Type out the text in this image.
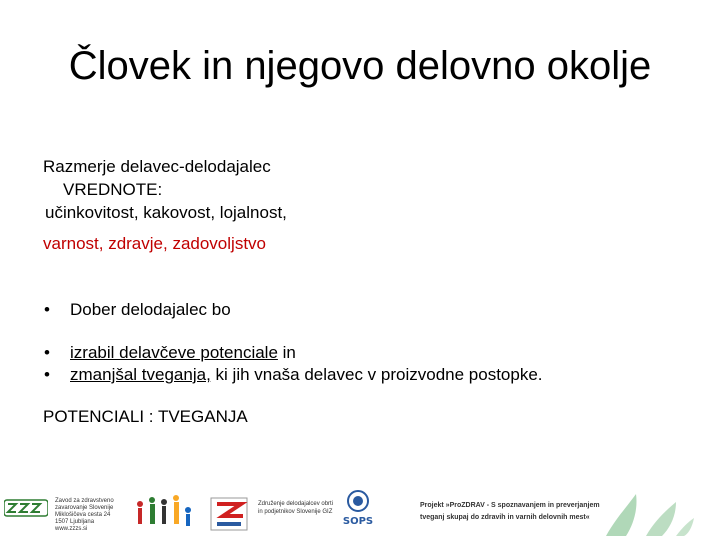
Človek in njegovo delovno okolje
Razmerje delavec-delodajalec
VREDNOTE:
učinkovitost, kakovost, lojalnost,
varnost, zdravje, zadovoljstvo
• Dober delodajalec bo
• izrabil delavčeve potenciale in
• zmanjšal tveganja, ki jih vnaša delavec v proizvodne postopke.
POTENCIALI : TVEGANJA
Zavod za zdravstveno
zavarovanje Slovenije
Miklošičeva cesta 24
1507 Ljubljana
www.zzzs.si
Združenje delodajalcev obrti
in podjetnikov Slovenije GIZ
SOPS
Projekt »ProZDRAV - S spoznavanjem in preverjanjem
tveganj skupaj do zdravih in varnih delovnih mest«
